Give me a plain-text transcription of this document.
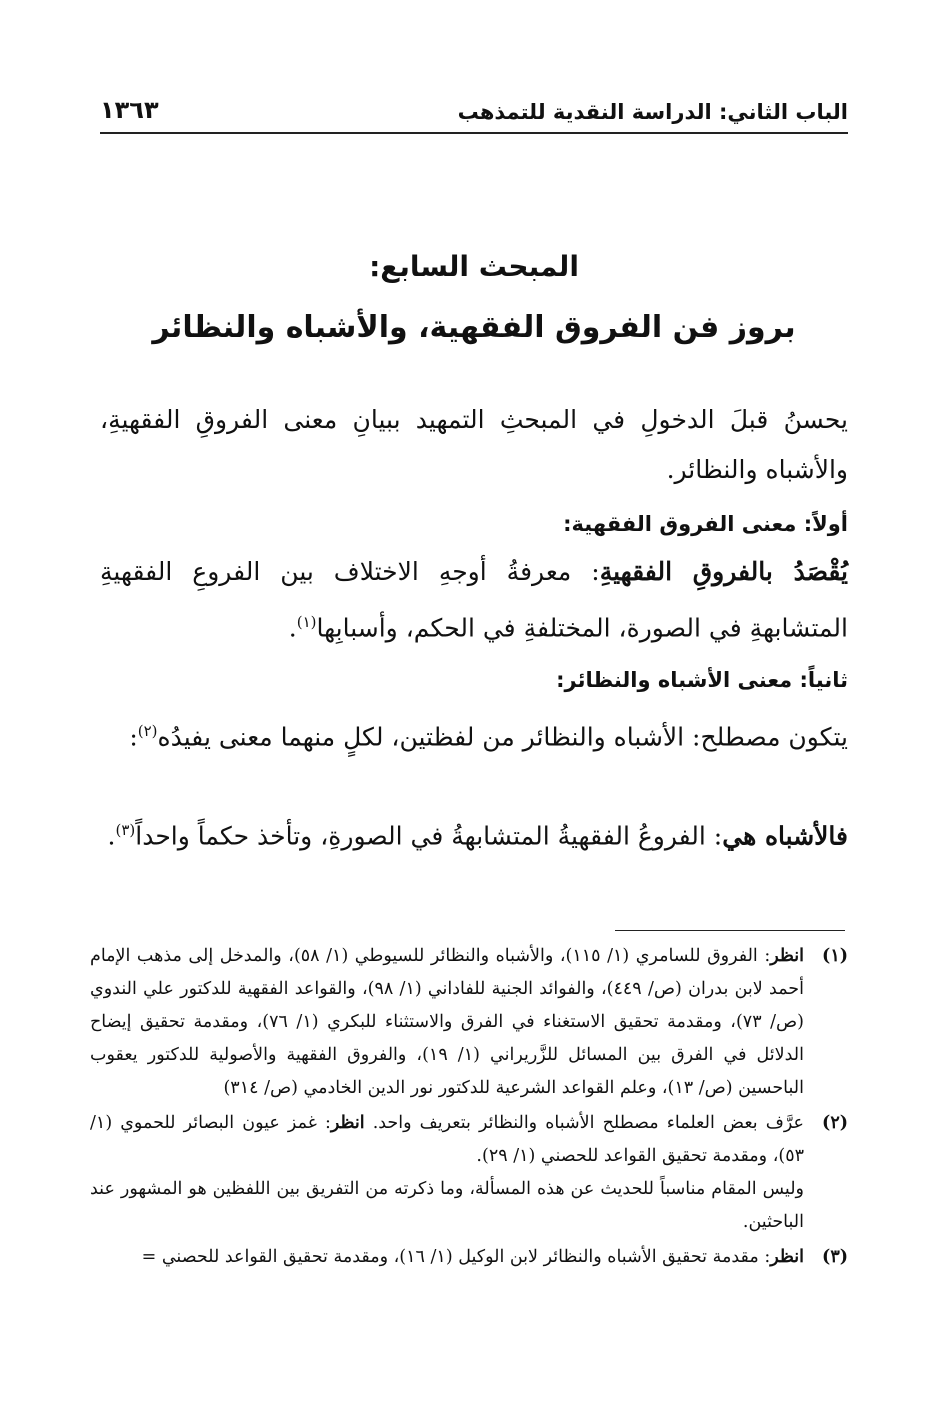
الباب الثاني: الدراسة النقدية للتمذهب
١٣٦٣
المبحث السابع:
بروز فن الفروق الفقهية، والأشباه والنظائر
يحسنُ قبلَ الدخولِ في المبحثِ التمهيد ببيانِ معنى الفروقِ الفقهيةِ، والأشباه والنظائر.
أولاً: معنى الفروق الفقهية:
يُقْصَدُ بالفروقِ الفقهيةِ: معرفةُ أوجهِ الاختلاف بين الفروعِ الفقهيةِ المتشابهةِ في الصورة، المختلفةِ في الحكم، وأسبابِها$^{(١)}$.
ثانياً: معنى الأشباه والنظائر:
يتكون مصطلح: الأشباه والنظائر من لفظتين، لكلٍ منهما معنى يفيدُه$^{(٢)}$:
فالأشباه هي: الفروعُ الفقهيةُ المتشابهةُ في الصورةِ، وتأخذ حكماً واحداً$^{(٣)}$.
(١)
انظر: الفروق للسامري (١/ ١١٥)، والأشباه والنظائر للسيوطي (١/ ٥٨)، والمدخل إلى مذهب الإمام أحمد لابن بدران (ص/ ٤٤٩)، والفوائد الجنية للفاداني (١/ ٩٨)، والقواعد الفقهية للدكتور علي الندوي (ص/ ٧٣)، ومقدمة تحقيق الاستغناء في الفرق والاستثناء للبكري (١/ ٧٦)، ومقدمة تحقيق إيضاح الدلائل في الفرق بين المسائل للزَّريراني (١/ ١٩)، والفروق الفقهية والأصولية للدكتور يعقوب الباحسين (ص/ ١٣)، وعلم القواعد الشرعية للدكتور نور الدين الخادمي (ص/ ٣١٤)
(٢)

عرَّف بعض العلماء مصطلح الأشباه والنظائر بتعريف واحد. انظر: غمز عيون البصائر للحموي (١/ ٥٣)، ومقدمة تحقيق القواعد للحصني (١/ ٢٩).

وليس المقام مناسباً للحديث عن هذه المسألة، وما ذكرته من التفريق بين اللفظين هو المشهور عند الباحثين.

(٣)
انظر: مقدمة تحقيق الأشباه والنظائر لابن الوكيل (١/ ١٦)، ومقدمة تحقيق القواعد للحصني =
